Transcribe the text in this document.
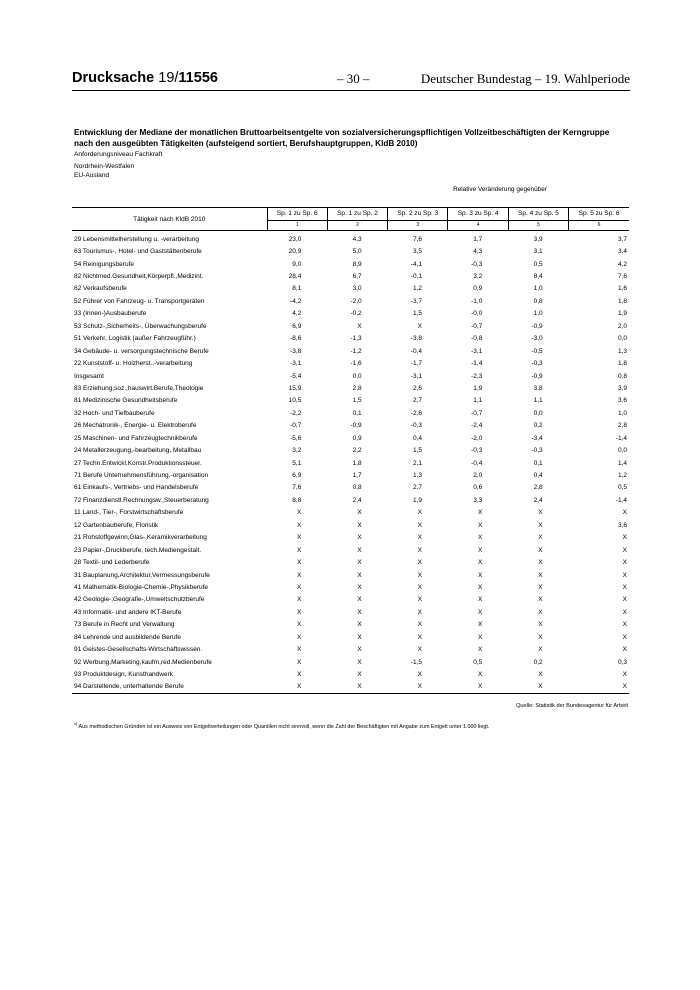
Drucksache 19/11556	– 30 –	Deutscher Bundestag – 19. Wahlperiode
Entwicklung der Mediane der monatlichen Bruttoarbeitsentgelte von sozialversicherungspflichtigen Vollzeitbeschäftigten der Kerngruppe nach den ausgeübten Tätigkeiten (aufsteigend sortiert, Berufshauptgruppen, KldB 2010)
Anforderungsniveau Fachkraft
Nordrhein-Westfalen
EU-Ausland
Relative Veränderung gegenüber
Tätigkeit nach KldB 2010	Sp. 1 zu Sp. 6	Sp. 1 zu Sp. 2	Sp. 2 zu Sp. 3	Sp. 3 zu Sp. 4	Sp. 4 zu Sp. 5	Sp. 5 zu Sp. 6
	1	2	3	4	5	6
29 Lebensmittelherstellung u. -verarbeitung	23,0	4,3	7,6	1,7	3,9	3,7
63 Tourismus-, Hotel- und Gaststättenberufe	20,9	5,0	3,5	4,3	3,1	3,4
54 Reinigungsberufe	9,0	8,9	-4,1	-0,3	0,5	4,2
82 Nichtmed.Gesundheit,Körperpfl.,Medizint.	28,4	6,7	-0,1	3,2	8,4	7,6
62 Verkaufsberufe	8,1	3,0	1,2	0,9	1,0	1,6
52 Führer von Fahrzeug- u. Transportgeräten	-4,2	-2,0	-3,7	-1,0	0,8	1,8
33 (Innen-)Ausbauberufe	4,2	-0,2	1,5	-0,0	1,0	1,9
53 Schutz-,Sicherheits-, Überwachungsberufe	6,9	X	X	-0,7	-0,9	2,0
51 Verkehr, Logistik (außer Fahrzeugführ.)	-8,6	-1,3	-3,8	-0,8	-3,0	0,0
34 Gebäude- u. versorgungstechnische Berufe	-3,8	-1,2	-0,4	-3,1	-0,5	1,3
22 Kunststoff- u. Holzherst.,-verarbeitung	-3,1	-1,6	-1,7	-1,4	-0,3	1,8
Insgesamt	-5,4	0,0	-3,1	-2,3	-0,9	0,8
83 Erziehung,soz.,hauswirt.Berufe,Theologie	15,9	2,8	2,6	1,9	3,8	3,9
81 Medizinische Gesundheitsberufe	10,5	1,5	2,7	1,1	1,1	3,6
32 Hoch- und Tiefbauberufe	-2,2	0,1	-2,6	-0,7	0,0	1,0
26 Mechatronik-, Energie- u. Elektroberufe	-0,7	-0,9	-0,3	-2,4	0,2	2,8
25 Maschinen- und Fahrzeugtechnikberufe	-5,6	0,9	0,4	-2,0	-3,4	-1,4
24 Metallerzeugung,-bearbeitung, Metallbau	3,2	2,2	1,5	-0,3	-0,3	0,0
27 Techn.Entwickl.Konstr.Produktionssteuer.	5,1	1,8	2,1	-0,4	0,1	1,4
71 Berufe Unternehmensführung,-organisation	6,9	1,7	1,3	2,0	0,4	1,2
61 Einkaufs-, Vertriebs- und Handelsberufe	7,6	0,8	2,7	0,6	2,8	0,5
72 Finanzdienstl.Rechnungsw.,Steuerberatung	8,8	2,4	1,9	3,3	2,4	-1,4
11 Land-, Tier-, Forstwirtschaftsberufe	X	X	X	X	X	X
12 Gartenbauberufe, Floristik	X	X	X	X	X	3,6
21 Rohstoffgewinn,Glas-,Keramikverarbeitung	X	X	X	X	X	X
23 Papier-,Druckberufe, tech.Mediengestalt.	X	X	X	X	X	X
28 Textil- und Lederberufe	X	X	X	X	X	X
31 Bauplanung,Architektur,Vermessungsberufe	X	X	X	X	X	X
41 Mathematik-Biologie-Chemie-,Physikberufe	X	X	X	X	X	X
42 Geologie-,Geografie-,Umweltschutzberufe	X	X	X	X	X	X
43 Informatik- und andere IKT-Berufe	X	X	X	X	X	X
73 Berufe in Recht und Verwaltung	X	X	X	X	X	X
84 Lehrende und ausbildende Berufe	X	X	X	X	X	X
91 Geistes-Gesellschafts-Wirtschaftswissen.	X	X	X	X	X	X
92 Werbung,Marketing,kaufm,red.Medienberufe	X	X	-1,5	0,5	0,2	0,3
93 Produktdesign, Kunsthandwerk	X	X	X	X	X	X
94 Darstellende, unterhaltende Berufe	X	X	X	X	X	X
Quelle: Statistik der Bundesagentur für Arbeit
$^{x)}$ Aus methodischen Gründen ist ein Ausweis von Entgeltverteilungen oder Quantilen nicht sinnvoll, wenn die Zahl der Beschäftigten mit Angabe zum Entgelt unter 1.000 liegt.
